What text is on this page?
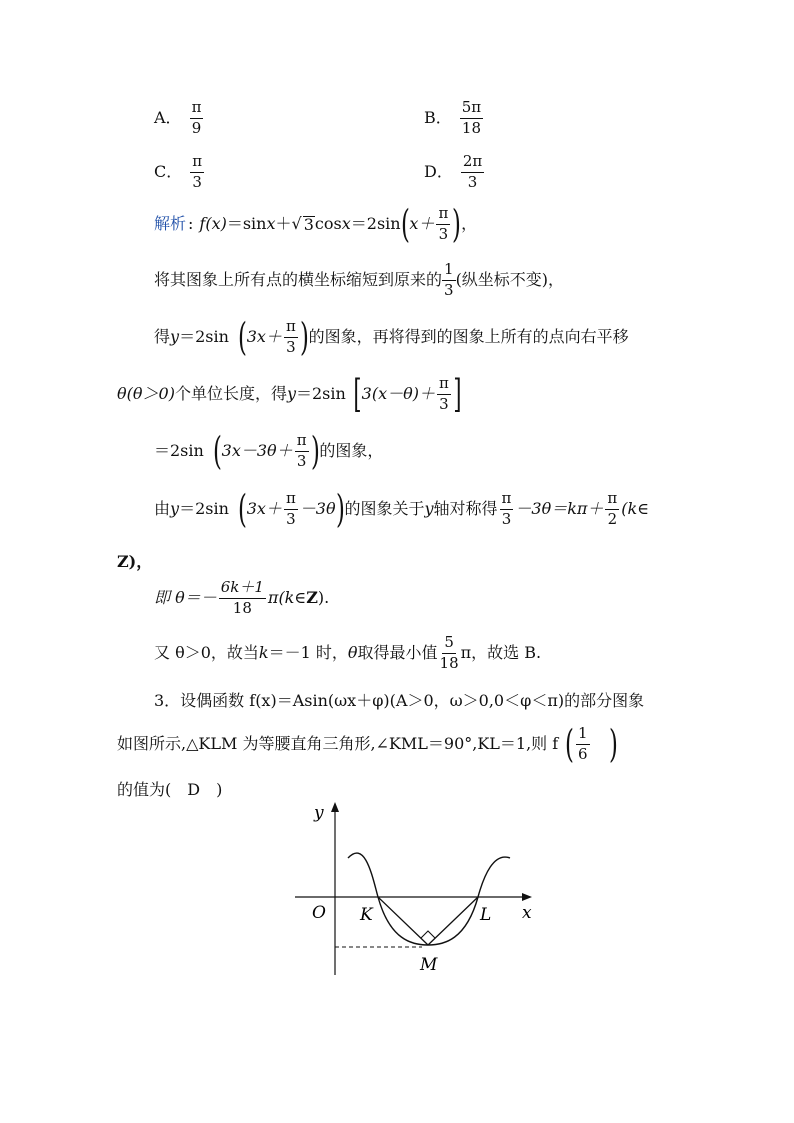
A． $\frac{\pi}{9}$	B． $\frac{5\pi}{18}$
C． $\frac{\pi}{3}$	D． $\frac{2\pi}{3}$
解析 : f(x) ＝sin x ＋ √ 3 cos x ＝2sin ( $x+ \frac{\pi}{3}$ ) ，
将其图象上所有点的横坐标缩短到原来的 $\frac{1}{3}$ (纵坐标不变)，
得 y ＝2sin ( $3x+ \frac{\pi}{3}$ ) 的图象，再将得到的图象上所有的点向右平移
θ(θ＞0) 个单位长度，得 y ＝2sin [ $3(x-\theta)+ \frac{\pi}{3}$ ]
＝2sin ( $3x-3\theta+ \frac{\pi}{3}$ ) 的图象，
由 y ＝2sin ( $3x+ \frac{\pi}{3} -3\theta$ ) 的图象关于 y 轴对称得 $\frac{\pi}{3} -3\theta=k\pi+ \frac{\pi}{2}$ (k∈
Z)，
即 $\theta=- \frac{6k+1}{18}$ π(k∈ Z ).
又 θ＞0，故当 k ＝－1 时， θ 取得最小值 $\frac{5}{18}$ π，故选 B.
3．设偶函数 f(x)＝Asin(ωx＋φ)(A＞0，ω＞0,0＜φ＜π)的部分图象
如图所示,△KLM 为等腰直角三角形,∠KML＝90°,KL＝1,则 f ( $\frac{1}{6}$ )
的值为(　D　)
y
x
O K	L
M
